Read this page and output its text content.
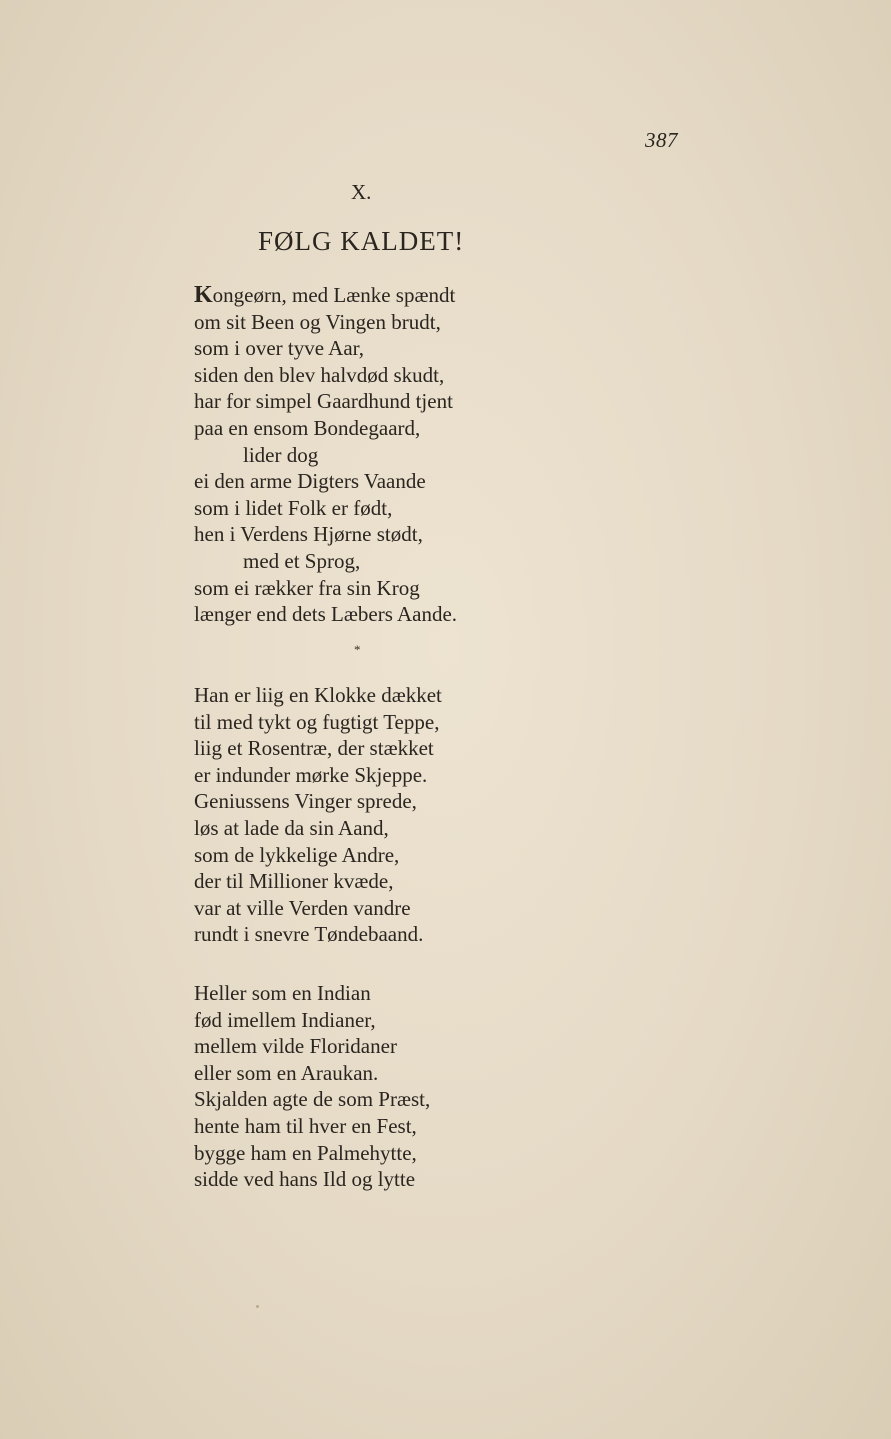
387
X.
FØLG KALDET!
Kongeørn, med Lænke spændt
om sit Been og Vingen brudt,
som i over tyve Aar,
siden den blev halvdød skudt,
har for simpel Gaardhund tjent
paa en ensom Bondegaard,
lider dog
ei den arme Digters Vaande
som i lidet Folk er født,
hen i Verdens Hjørne stødt,
med et Sprog,
som ei rækker fra sin Krog
længer end dets Læbers Aande.
*
Han er liig en Klokke dækket
til med tykt og fugtigt Teppe,
liig et Rosentræ, der stækket
er indunder mørke Skjeppe.
Geniussens Vinger sprede,
løs at lade da sin Aand,
som de lykkelige Andre,
der til Millioner kvæde,
var at ville Verden vandre
rundt i snevre Tøndebaand.
Heller som en Indian
fød imellem Indianer,
mellem vilde Floridaner
eller som en Araukan.
Skjalden agte de som Præst,
hente ham til hver en Fest,
bygge ham en Palmehytte,
sidde ved hans Ild og lytte
